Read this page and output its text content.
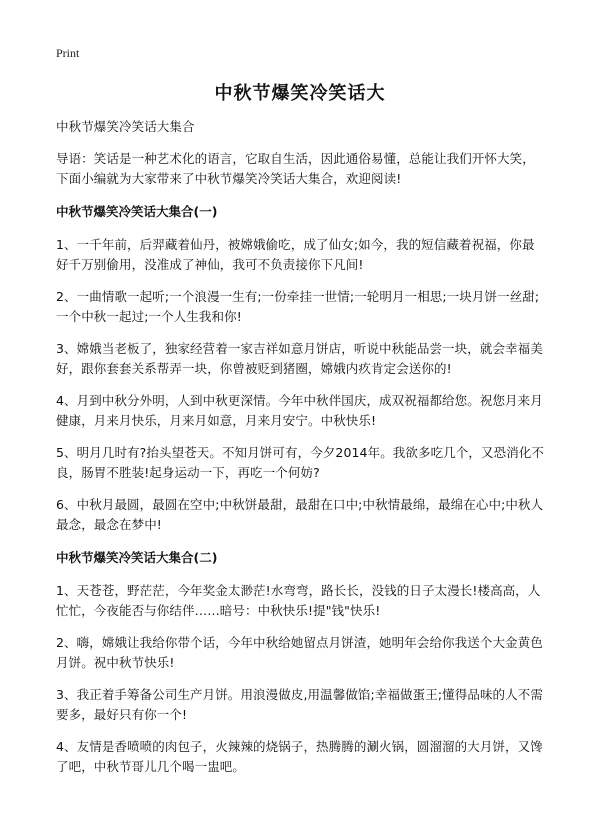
Print
中秋节爆笑冷笑话大

中秋节爆笑冷笑话大集合

导语：笑话是一种艺术化的语言，它取自生活，因此通俗易懂，总能让我们开怀大笑，下面小编就为大家带来了中秋节爆笑冷笑话大集合，欢迎阅读!

中秋节爆笑冷笑话大集合(一)

1、一千年前，后羿藏着仙丹，被嫦娥偷吃，成了仙女;如今，我的短信藏着祝福，你最好千万别偷用，没准成了神仙，我可不负责接你下凡间!

2、一曲情歌一起听;一个浪漫一生有;一份牵挂一世情;一轮明月一相思;一块月饼一丝甜;一个中秋一起过;一个人生我和你!

3、嫦娥当老板了，独家经营着一家吉祥如意月饼店，听说中秋能品尝一块，就会幸福美好，跟你套套关系帮弄一块，你曾被贬到猪圈，嫦娥内疚肯定会送你的!

4、月到中秋分外明，人到中秋更深情。今年中秋伴国庆，成双祝福都给您。祝您月来月健康，月来月快乐，月来月如意，月来月安宁。中秋快乐!

5、明月几时有?抬头望苍天。不知月饼可有，今夕2014年。我欲多吃几个，又恐消化不良，肠胃不胜装!起身运动一下，再吃一个何妨?

6、中秋月最圆，最圆在空中;中秋饼最甜，最甜在口中;中秋情最绵，最绵在心中;中秋人最念，最念在梦中!

中秋节爆笑冷笑话大集合(二)

1、天苍苍，野茫茫，今年奖金太渺茫!水弯弯，路长长，没钱的日子太漫长!楼高高，人忙忙，今夜能否与你结伴……暗号：中秋快乐!提"钱"快乐!

2、嗨，嫦娥让我给你带个话，今年中秋给她留点月饼渣，她明年会给你我送个大金黄色月饼。祝中秋节快乐!

3、我正着手筹备公司生产月饼。用浪漫做皮,用温馨做馅;幸福做蛋王;懂得品味的人不需要多，最好只有你一个!

4、友情是香喷喷的肉包子，火辣辣的烧锅子，热腾腾的涮火锅，圆溜溜的大月饼，又馋了吧，中秋节哥儿几个喝一盅吧。
